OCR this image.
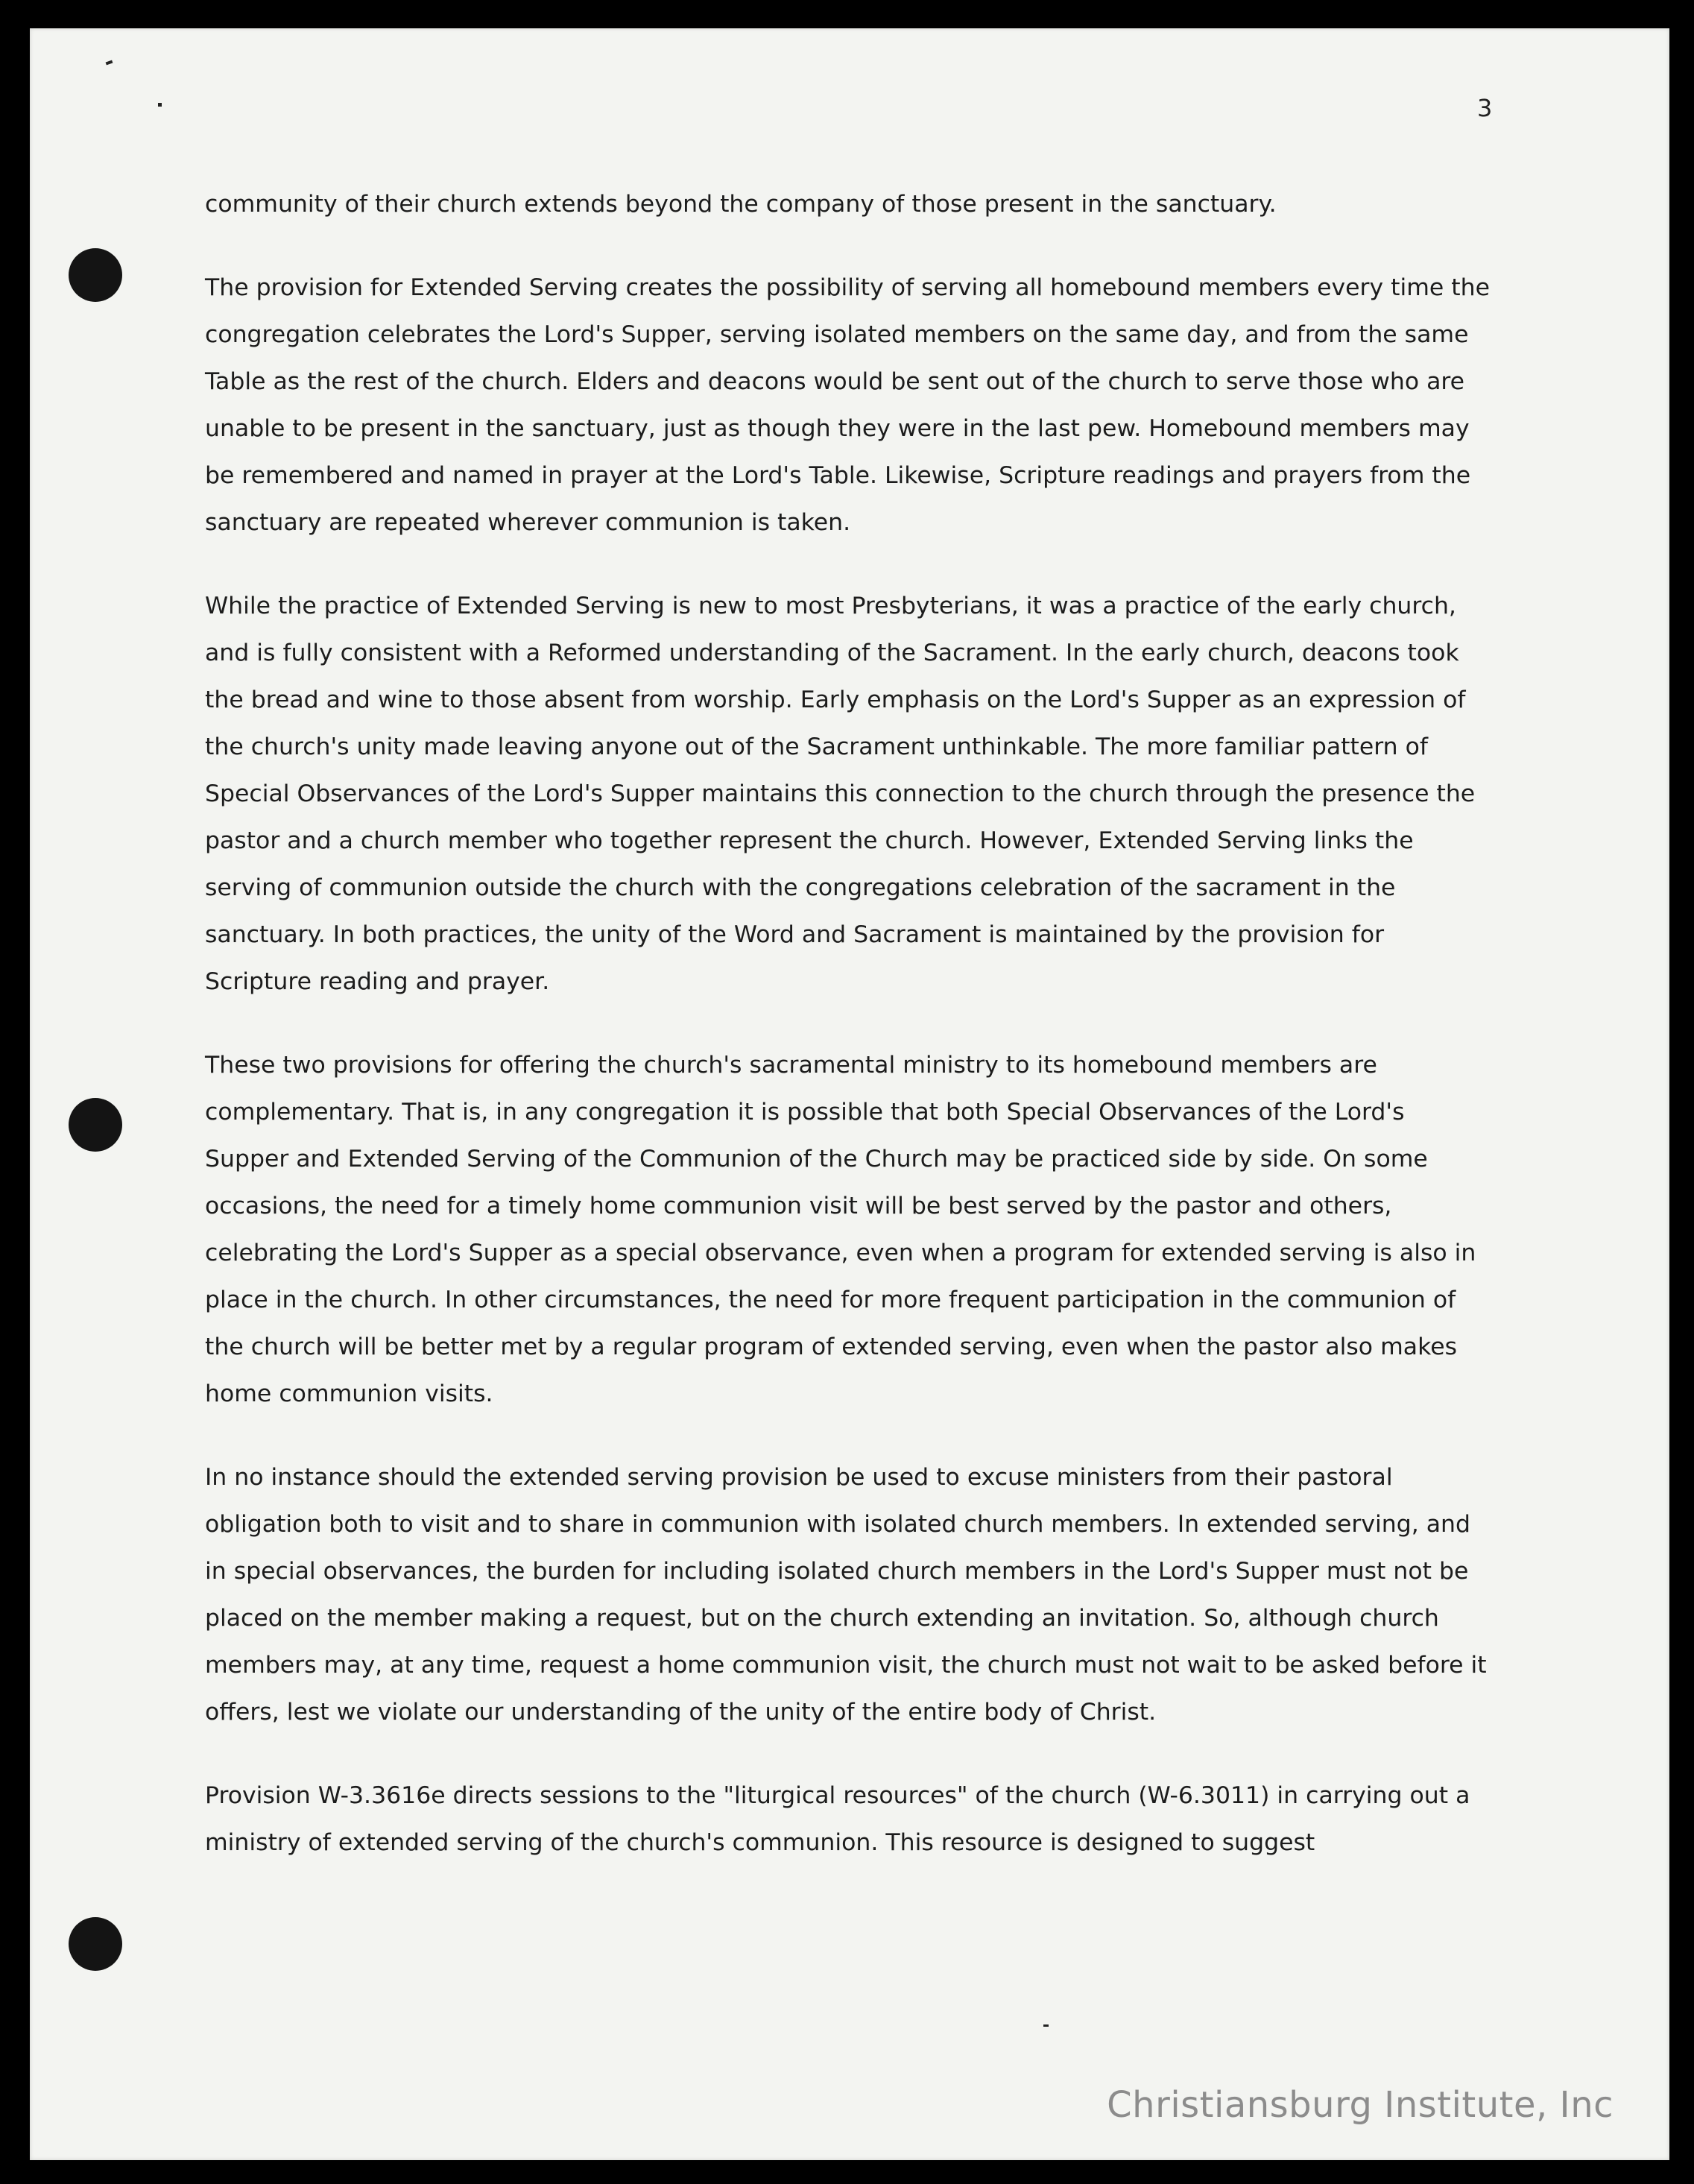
3

community of their church extends beyond the company of those present in the sanctuary.

The provision for Extended Serving creates the possibility of serving all homebound members every time the congregation celebrates the Lord's Supper, serving isolated members on the same day, and from the same Table as the rest of the church. Elders and deacons would be sent out of the church to serve those who are unable to be present in the sanctuary, just as though they were in the last pew. Homebound members may be remembered and named in prayer at the Lord's Table. Likewise, Scripture readings and prayers from the sanctuary are repeated wherever communion is taken.

While the practice of Extended Serving is new to most Presbyterians, it was a practice of the early church, and is fully consistent with a Reformed understanding of the Sacrament. In the early church, deacons took the bread and wine to those absent from worship. Early emphasis on the Lord's Supper as an expression of the church's unity made leaving anyone out of the Sacrament unthinkable. The more familiar pattern of Special Observances of the Lord's Supper maintains this connection to the church through the presence the pastor and a church member who together represent the church. However, Extended Serving links the serving of communion outside the church with the congregations celebration of the sacrament in the sanctuary. In both practices, the unity of the Word and Sacrament is maintained by the provision for Scripture reading and prayer.

These two provisions for offering the church's sacramental ministry to its homebound members are complementary. That is, in any congregation it is possible that both Special Observances of the Lord's Supper and Extended Serving of the Communion of the Church may be practiced side by side. On some occasions, the need for a timely home communion visit will be best served by the pastor and others, celebrating the Lord's Supper as a special observance, even when a program for extended serving is also in place in the church. In other circumstances, the need for more frequent participation in the communion of the church will be better met by a regular program of extended serving, even when the pastor also makes home communion visits.

In no instance should the extended serving provision be used to excuse ministers from their pastoral obligation both to visit and to share in communion with isolated church members. In extended serving, and in special observances, the burden for including isolated church members in the Lord's Supper must not be placed on the member making a request, but on the church extending an invitation. So, although church members may, at any time, request a home communion visit, the church must not wait to be asked before it offers, lest we violate our understanding of the unity of the entire body of Christ.

Provision W-3.3616e directs sessions to the "liturgical resources" of the church (W-6.3011) in carrying out a ministry of extended serving of the church's communion. This resource is designed to suggest

Christiansburg Institute, Inc
